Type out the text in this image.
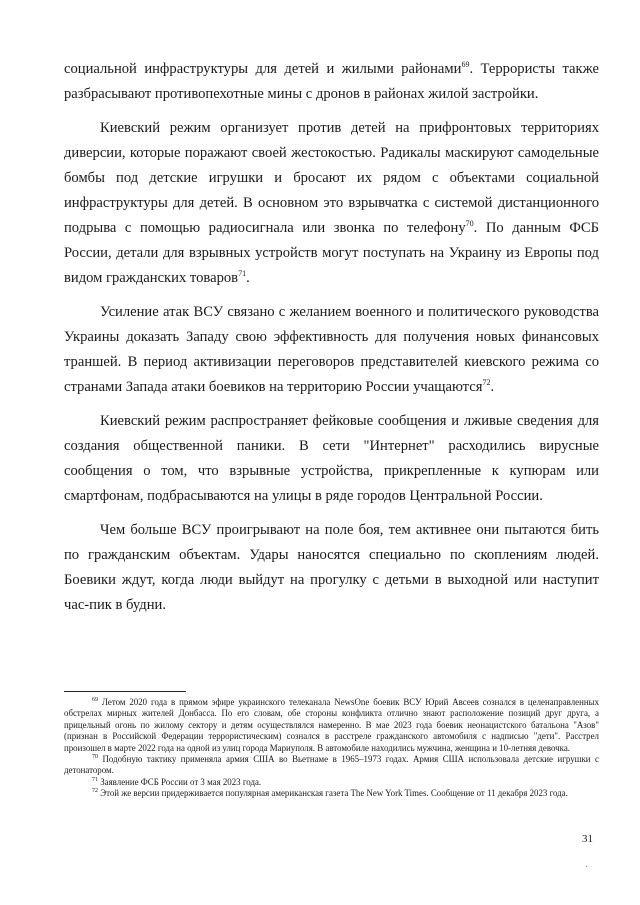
социальной инфраструктуры для детей и жилыми районами$^{69}$. Террористы также разбрасывают противопехотные мины с дронов в районах жилой застройки.

Киевский режим организует против детей на прифронтовых территориях диверсии, которые поражают своей жестокостью. Радикалы маскируют самодельные бомбы под детские игрушки и бросают их рядом с объектами социальной инфраструктуры для детей. В основном это взрывчатка с системой дистанционного подрыва с помощью радиосигнала или звонка по телефону$^{70}$. По данным ФСБ России, детали для взрывных устройств могут поступать на Украину из Европы под видом гражданских товаров$^{71}$.

Усиление атак ВСУ связано с желанием военного и политического руководства Украины доказать Западу свою эффективность для получения новых финансовых траншей. В период активизации переговоров представителей киевского режима со странами Запада атаки боевиков на территорию России учащаются$^{72}$.

Киевский режим распространяет фейковые сообщения и лживые сведения для создания общественной паники. В сети "Интернет" расходились вирусные сообщения о том, что взрывные устройства, прикрепленные к купюрам или смартфонам, подбрасываются на улицы в ряде городов Центральной России.

Чем больше ВСУ проигрывают на поле боя, тем активнее они пытаются бить по гражданским объектам. Удары наносятся специально по скоплениям людей. Боевики ждут, когда люди выйдут на прогулку с детьми в выходной или наступит час-пик в будни.

$^{69}$ Летом 2020 года в прямом эфире украинского телеканала NewsOne боевик ВСУ Юрий Авсеев сознался в целенаправленных обстрелах мирных жителей Донбасса. По его словам, обе стороны конфликта отлично знают расположение позиций друг друга, а прицельный огонь по жилому сектору и детям осуществлялся намеренно. В мае 2023 года боевик неонацистского батальона "Азов" (признан в Российской Федерации террористическим) сознался в расстреле гражданского автомобиля с надписью "дети". Расстрел произошел в марте 2022 года на одной из улиц города Мариуполя. В автомобиле находились мужчина, женщина и 10-летняя девочка.

$^{70}$ Подобную тактику применяла армия США во Вьетнаме в 1965–1973 годах. Армия США использовала детские игрушки с детонатором.

$^{71}$ Заявление ФСБ России от 3 мая 2023 года.

$^{72}$ Этой же версии придерживается популярная американская газета The New York Times. Сообщение от 11 декабря 2023 года.

31
